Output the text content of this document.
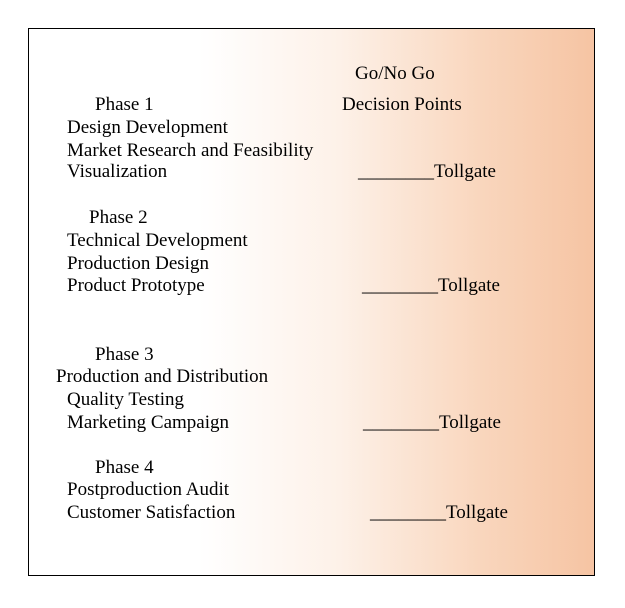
Go/No Go
Decision Points
Phase 1
Design Development
Market Research and Feasibility
Visualization	________Tollgate
Phase 2
Technical Development
Production Design
Product Prototype	________Tollgate
Phase 3
Production and Distribution
Quality Testing
Marketing Campaign	________Tollgate
Phase 4
Postproduction Audit
Customer Satisfaction	________Tollgate
